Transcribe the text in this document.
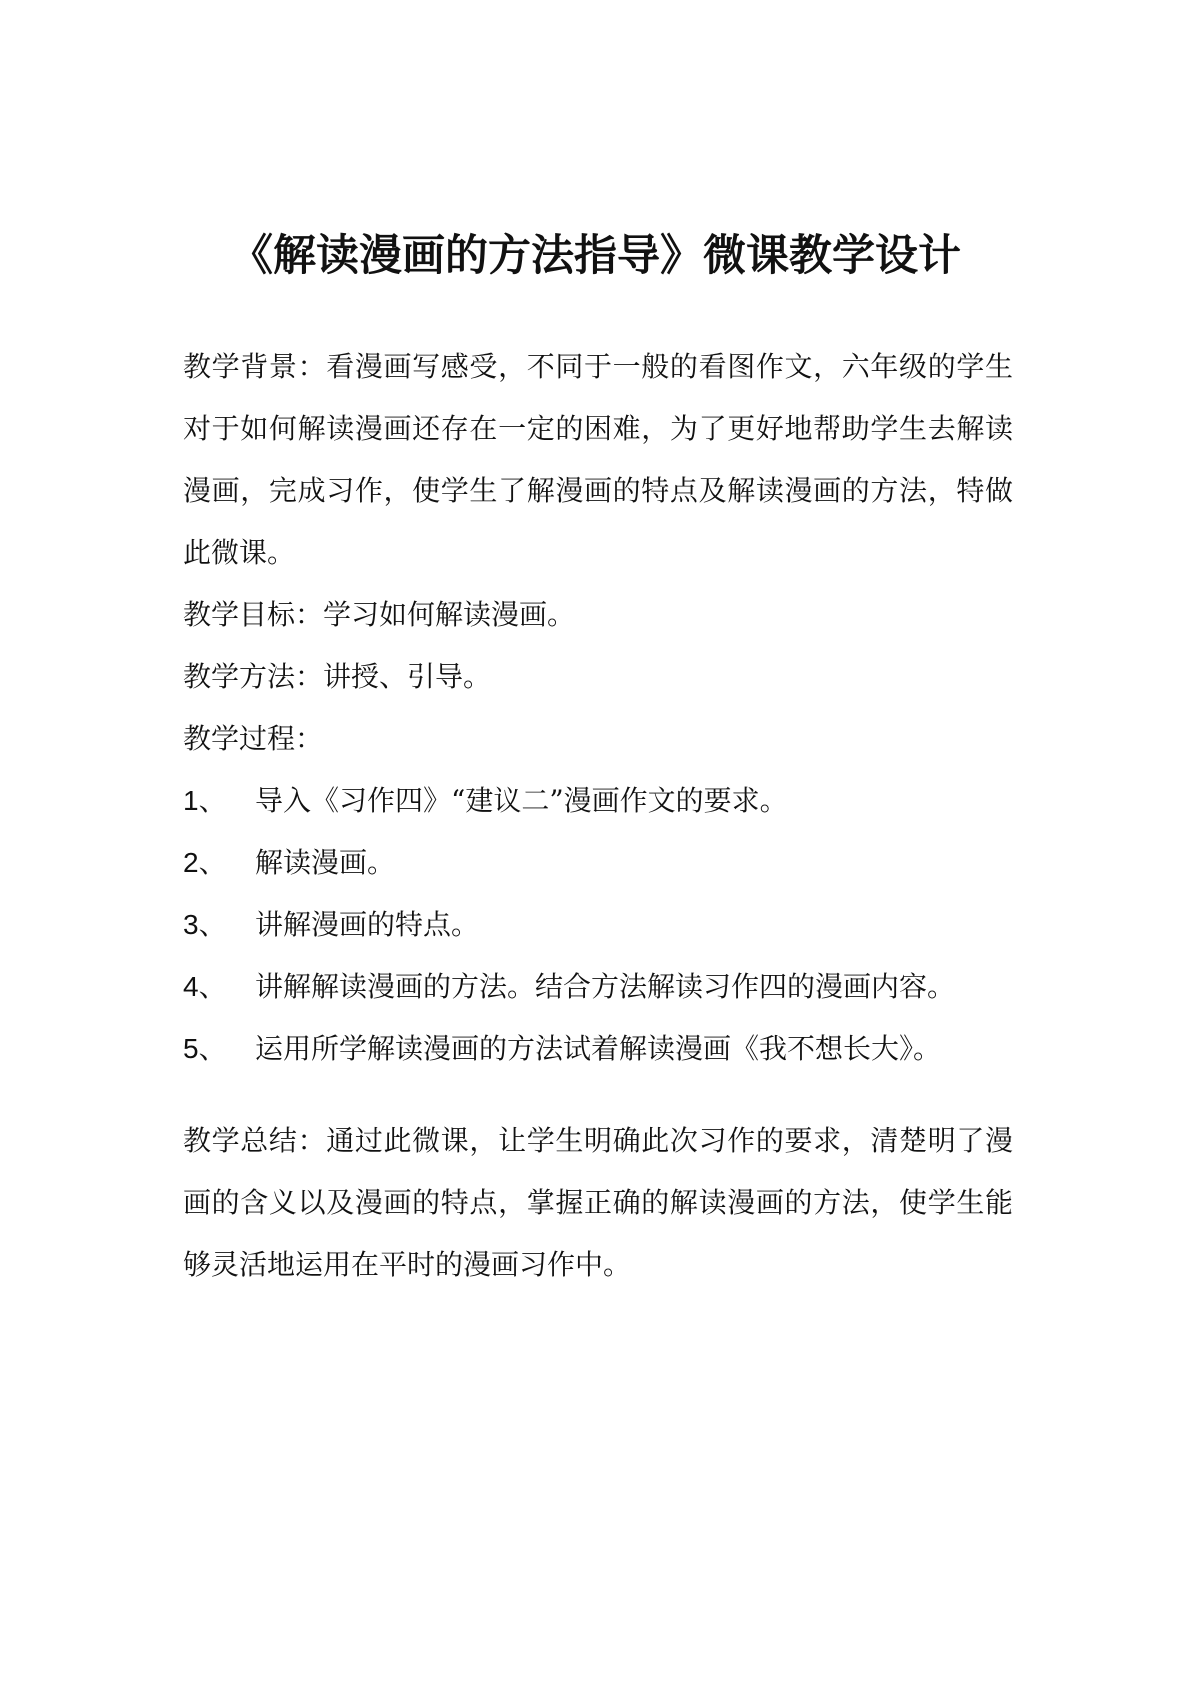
《解读漫画的方法指导》微课教学设计
教学背景：看漫画写感受，不同于一般的看图作文，六年级的学生
对于如何解读漫画还存在一定的困难，为了更好地帮助学生去解读
漫画，完成习作，使学生了解漫画的特点及解读漫画的方法，特做
此微课。
教学目标：学习如何解读漫画。
教学方法：讲授、引导。
教学过程：
1、 导入《习作四》“建议二”漫画作文的要求。
2、 解读漫画。
3、 讲解漫画的特点。
4、 讲解解读漫画的方法。结合方法解读习作四的漫画内容。
5、 运用所学解读漫画的方法试着解读漫画《我不想长大》。
教学总结：通过此微课，让学生明确此次习作的要求，清楚明了漫
画的含义以及漫画的特点，掌握正确的解读漫画的方法，使学生能
够灵活地运用在平时的漫画习作中。
